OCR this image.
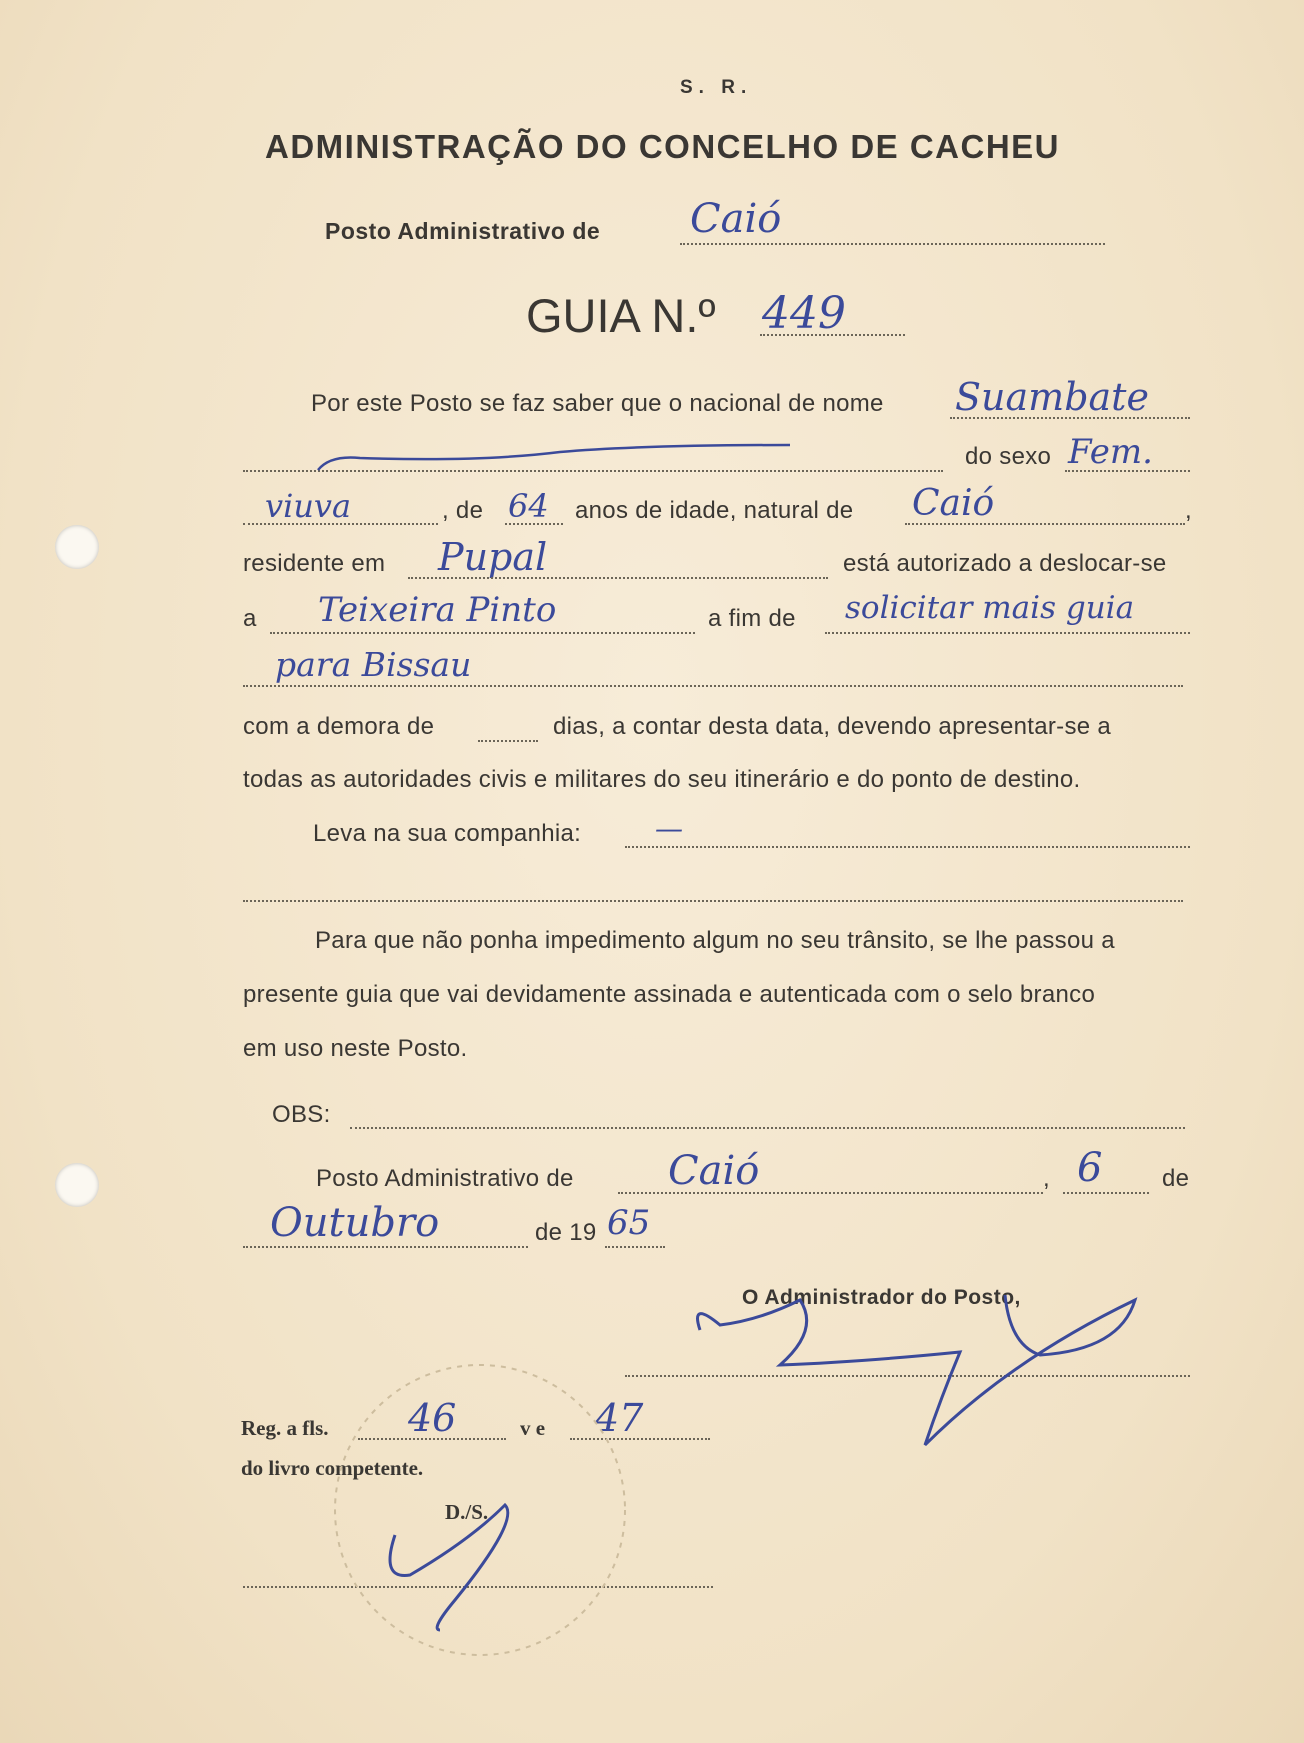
S. R.
ADMINISTRAÇÃO DO CONCELHO DE CACHEU
Posto Administrativo de Caió
GUIA N.º 449
Por este Posto se faz saber que o nacional de nome Suambate
do sexo Fem.
viuva	, de 64 anos de idade, natural de Caió	,
residente em Pupal	está autorizado a deslocar-se
a Teixeira Pinto	a fim de solicitar mais guia
para Bissau
com a demora de	dias, a contar desta data, devendo apresentar-se a
todas as autoridades civis e militares do seu itinerário e do ponto de destino.
Leva na sua companhia:	—
Para que não ponha impedimento algum no seu trânsito, se lhe passou a
presente guia que vai devidamente assinada e autenticada com o selo branco
em uso neste Posto.
OBS:
Posto Administrativo de Caió	, 6 de
Outubro	de 19 65
O Administrador do Posto,
Reg. a fls. 46	v e 47
do livro competente.
D./S.
